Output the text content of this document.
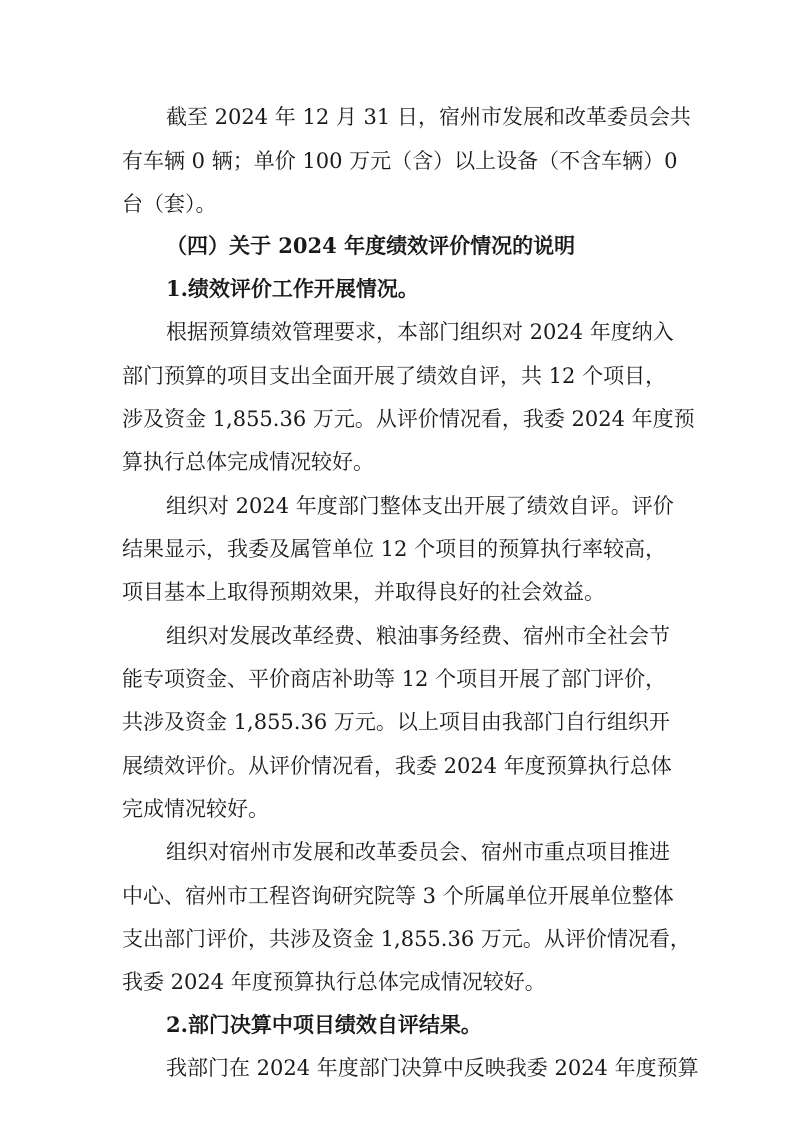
截至 2024 年 12 月 31 日，宿州市发展和改革委员会共
有车辆 0 辆；单价 100 万元（含）以上设备（不含车辆）0
台（套）。
（四）关于 2024 年度绩效评价情况的说明
1.绩效评价工作开展情况。
根据预算绩效管理要求，本部门组织对 2024 年度纳入
部门预算的项目支出全面开展了绩效自评，共 12 个项目，
涉及资金 1,855.36 万元。从评价情况看，我委 2024 年度预
算执行总体完成情况较好。
组织对 2024 年度部门整体支出开展了绩效自评。评价
结果显示，我委及属管单位 12 个项目的预算执行率较高，
项目基本上取得预期效果，并取得良好的社会效益。
组织对发展改革经费、粮油事务经费、宿州市全社会节
能专项资金、平价商店补助等 12 个项目开展了部门评价，
共涉及资金 1,855.36 万元。以上项目由我部门自行组织开
展绩效评价。从评价情况看，我委 2024 年度预算执行总体
完成情况较好。
组织对宿州市发展和改革委员会、宿州市重点项目推进
中心、宿州市工程咨询研究院等 3 个所属单位开展单位整体
支出部门评价，共涉及资金 1,855.36 万元。从评价情况看，
我委 2024 年度预算执行总体完成情况较好。
2.部门决算中项目绩效自评结果。
我部门在 2024 年度部门决算中反映我委 2024 年度预算
